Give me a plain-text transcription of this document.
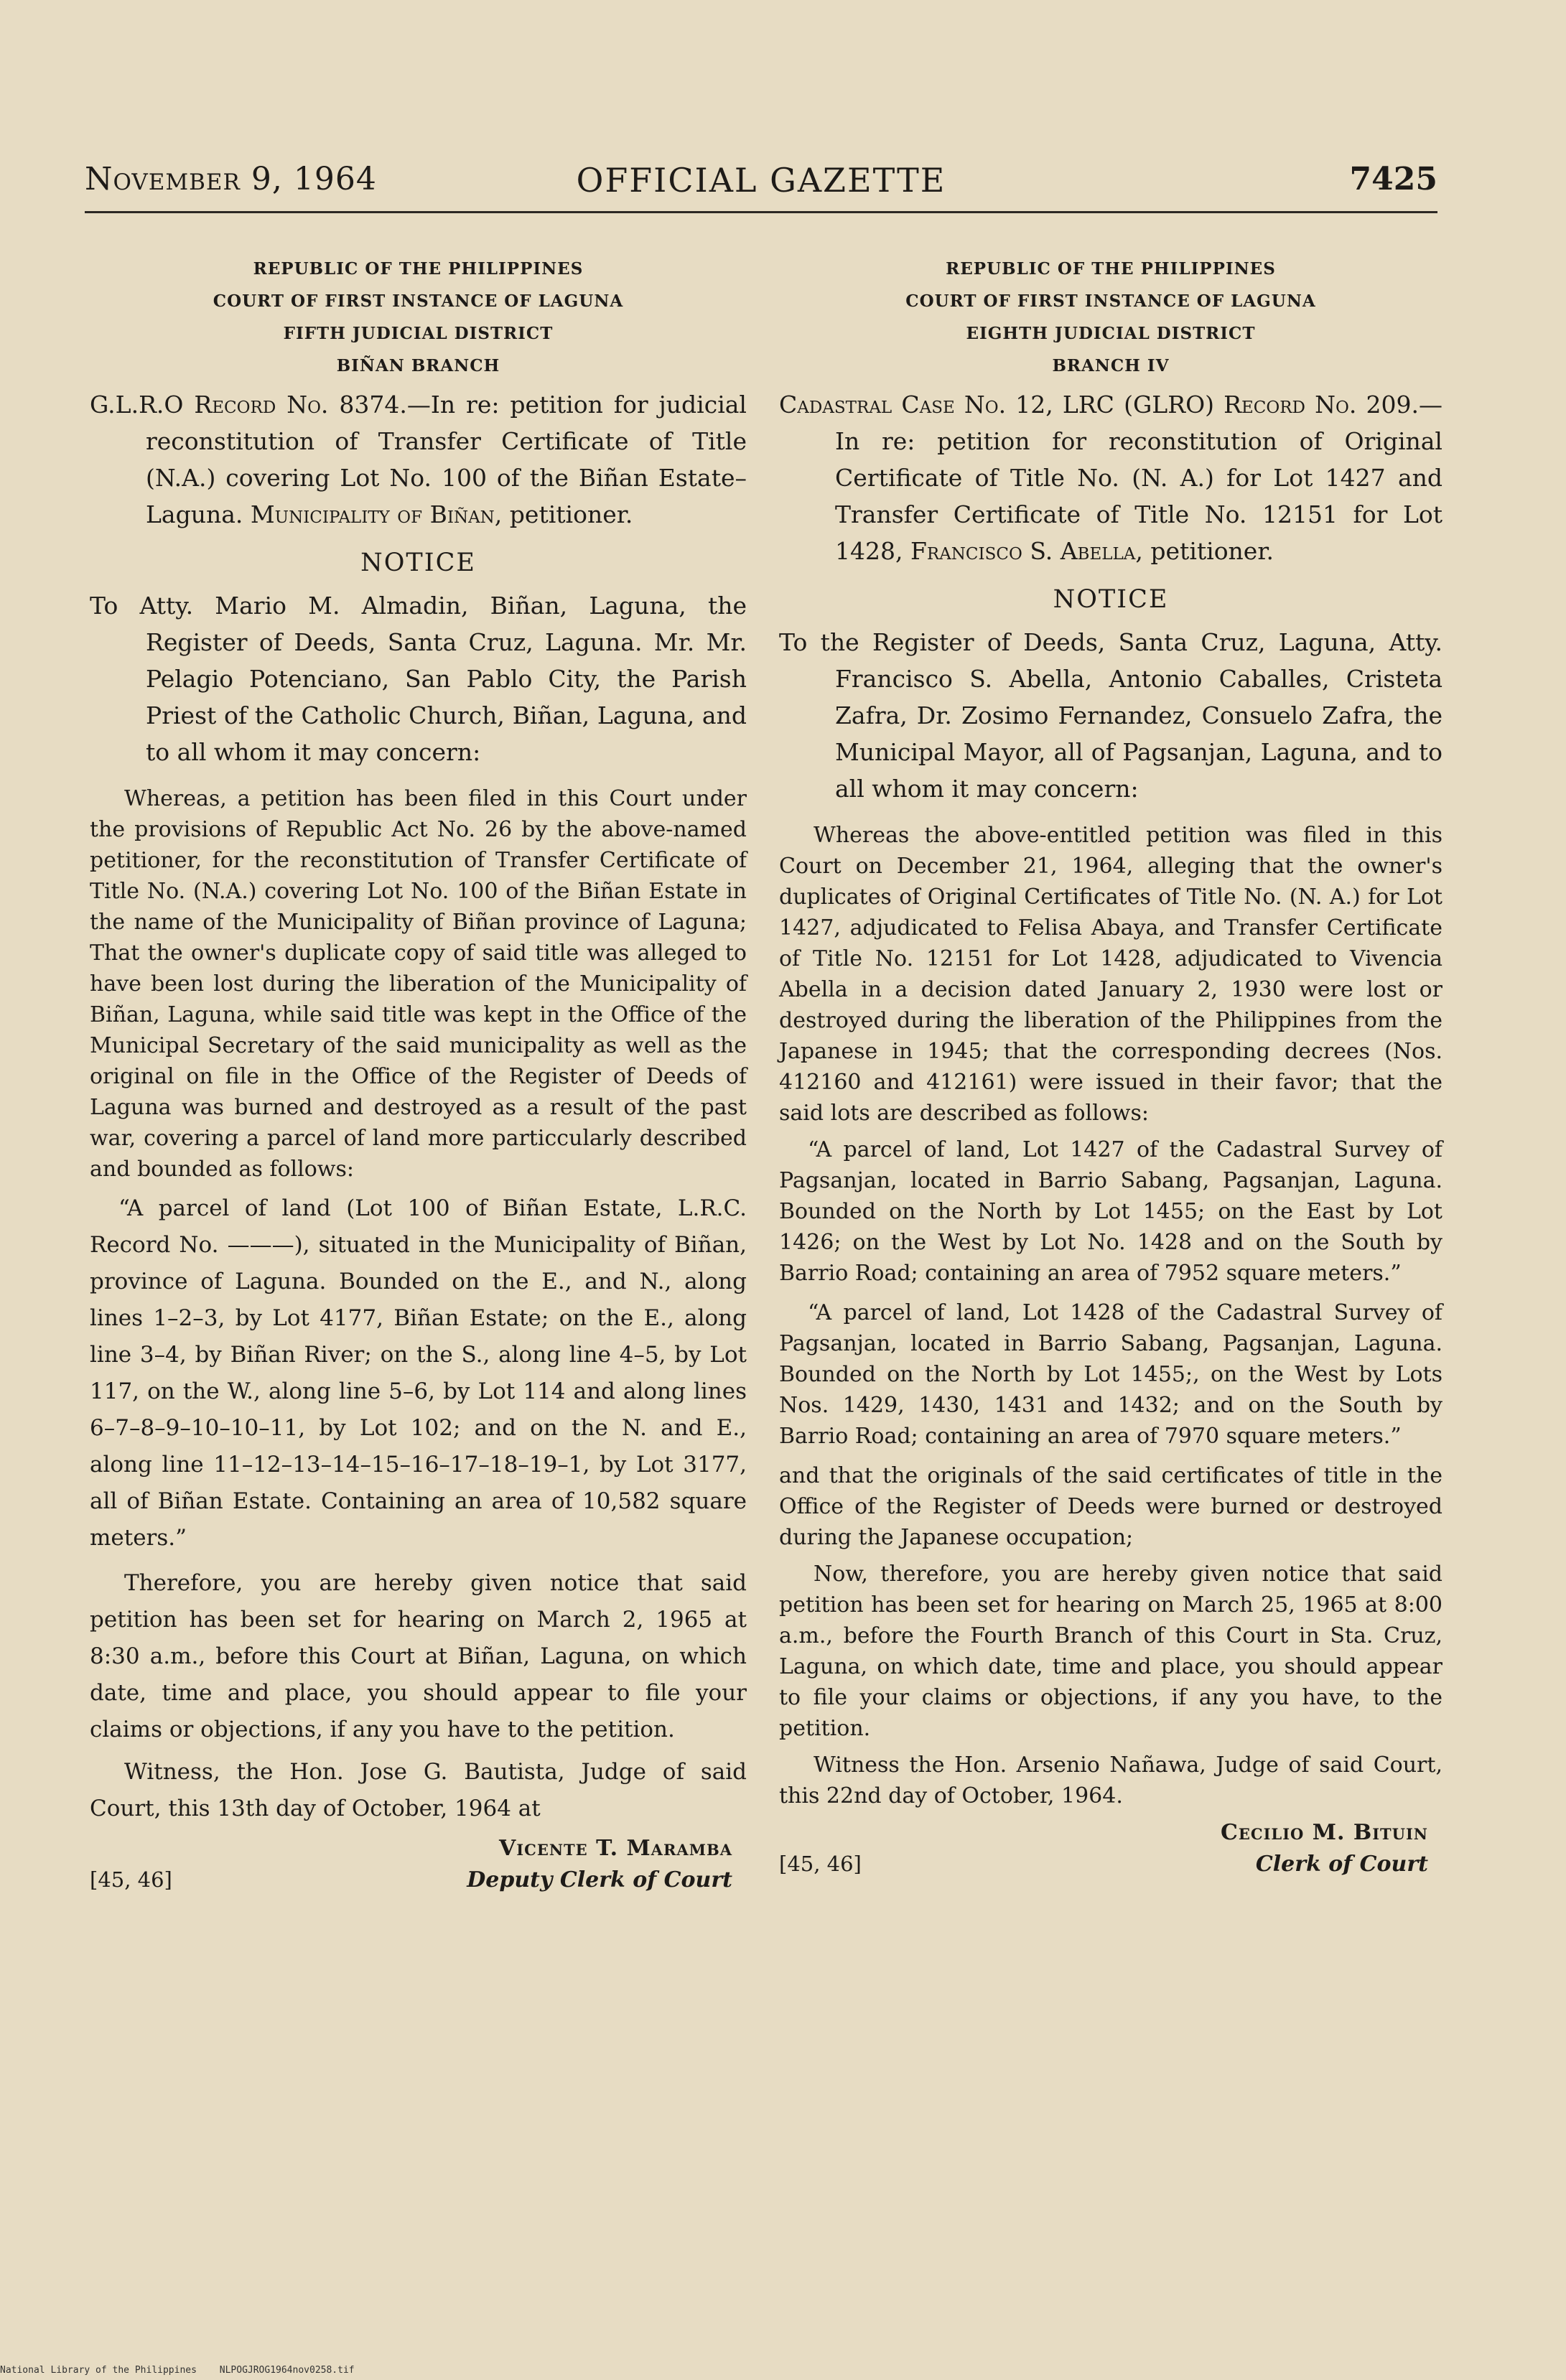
November 9, 1964	OFFICIAL GAZETTE	7425
REPUBLIC OF THE PHILIPPINES
COURT OF FIRST INSTANCE OF LAGUNA
FIFTH JUDICIAL DISTRICT
BIÑAN BRANCH

G.L.R.O Record No. 8374.—In re: petition for judicial reconstitution of Transfer Certificate of Title (N.A.) covering Lot No. 100 of the Biñan Estate–Laguna. Municipality of Biñan, petitioner.

NOTICE

To Atty. Mario M. Almadin, Biñan, Laguna, the Register of Deeds, Santa Cruz, Laguna. Mr. Mr. Pelagio Potenciano, San Pablo City, the Parish Priest of the Catholic Church, Biñan, Laguna, and to all whom it may concern:

Whereas, a petition has been filed in this Court under the provisions of Republic Act No. 26 by the above-named petitioner, for the reconstitution of Transfer Certificate of Title No. (N.A.) covering Lot No. 100 of the Biñan Estate in the name of the Municipality of Biñan province of Laguna; That the owner's duplicate copy of said title was alleged to have been lost during the liberation of the Municipality of Biñan, Laguna, while said title was kept in the Office of the Municipal Secretary of the said municipality as well as the original on file in the Office of the Register of Deeds of Laguna was burned and destroyed as a result of the past war, covering a parcel of land more particcularly described and bounded as follows:

“A parcel of land (Lot 100 of Biñan Estate, L.R.C. Record No. ———), situated in the Municipality of Biñan, province of Laguna. Bounded on the E., and N., along lines 1–2–3, by Lot 4177, Biñan Estate; on the E., along line 3–4, by Biñan River; on the S., along line 4–5, by Lot 117, on the W., along line 5–6, by Lot 114 and along lines 6–7–8–9–10–10–11, by Lot 102; and on the N. and E., along line 11–12–13–14–15–16–17–18–19–1, by Lot 3177, all of Biñan Estate. Containing an area of 10,582 square meters.”

Therefore, you are hereby given notice that said petition has been set for hearing on March 2, 1965 at 8:30 a.m., before this Court at Biñan, Laguna, on which date, time and place, you should appear to file your claims or objections, if any you have to the petition.

Witness, the Hon. Jose G. Bautista, Judge of said Court, this 13th day of October, 1964 at

[45, 46]
Vicente T. Maramba
Deputy Clerk of Court
REPUBLIC OF THE PHILIPPINES
COURT OF FIRST INSTANCE OF LAGUNA
EIGHTH JUDICIAL DISTRICT
BRANCH IV

Cadastral Case No. 12, LRC (GLRO) Record No. 209.—In re: petition for reconstitution of Original Certificate of Title No. (N. A.) for Lot 1427 and Transfer Certificate of Title No. 12151 for Lot 1428, Francisco S. Abella, petitioner.

NOTICE

To the Register of Deeds, Santa Cruz, Laguna, Atty. Francisco S. Abella, Antonio Caballes, Cristeta Zafra, Dr. Zosimo Fernandez, Consuelo Zafra, the Municipal Mayor, all of Pagsanjan, Laguna, and to all whom it may concern:

Whereas the above-entitled petition was filed in this Court on December 21, 1964, alleging that the owner's duplicates of Original Certificates of Title No. (N. A.) for Lot 1427, adjudicated to Felisa Abaya, and Transfer Certificate of Title No. 12151 for Lot 1428, adjudicated to Vivencia Abella in a decision dated January 2, 1930 were lost or destroyed during the liberation of the Philippines from the Japanese in 1945; that the corresponding decrees (Nos. 412160 and 412161) were issued in their favor; that the said lots are described as follows:

“A parcel of land, Lot 1427 of the Cadastral Survey of Pagsanjan, located in Barrio Sabang, Pagsanjan, Laguna. Bounded on the North by Lot 1455; on the East by Lot 1426; on the West by Lot No. 1428 and on the South by Barrio Road; containing an area of 7952 square meters.”

“A parcel of land, Lot 1428 of the Cadastral Survey of Pagsanjan, located in Barrio Sabang, Pagsanjan, Laguna. Bounded on the North by Lot 1455;, on the West by Lots Nos. 1429, 1430, 1431 and 1432; and on the South by Barrio Road; containing an area of 7970 square meters.”

and that the originals of the said certificates of title in the Office of the Register of Deeds were burned or destroyed during the Japanese occupation;

Now, therefore, you are hereby given notice that said petition has been set for hearing on March 25, 1965 at 8:00 a.m., before the Fourth Branch of this Court in Sta. Cruz, Laguna, on which date, time and place, you should appear to file your claims or objections, if any you have, to the petition.

Witness the Hon. Arsenio Nañawa, Judge of said Court, this 22nd day of October, 1964.

[45, 46]
Cecilio M. Bituin
Clerk of Court
National Library of the Philippines NLPOGJROG1964nov0258.tif
